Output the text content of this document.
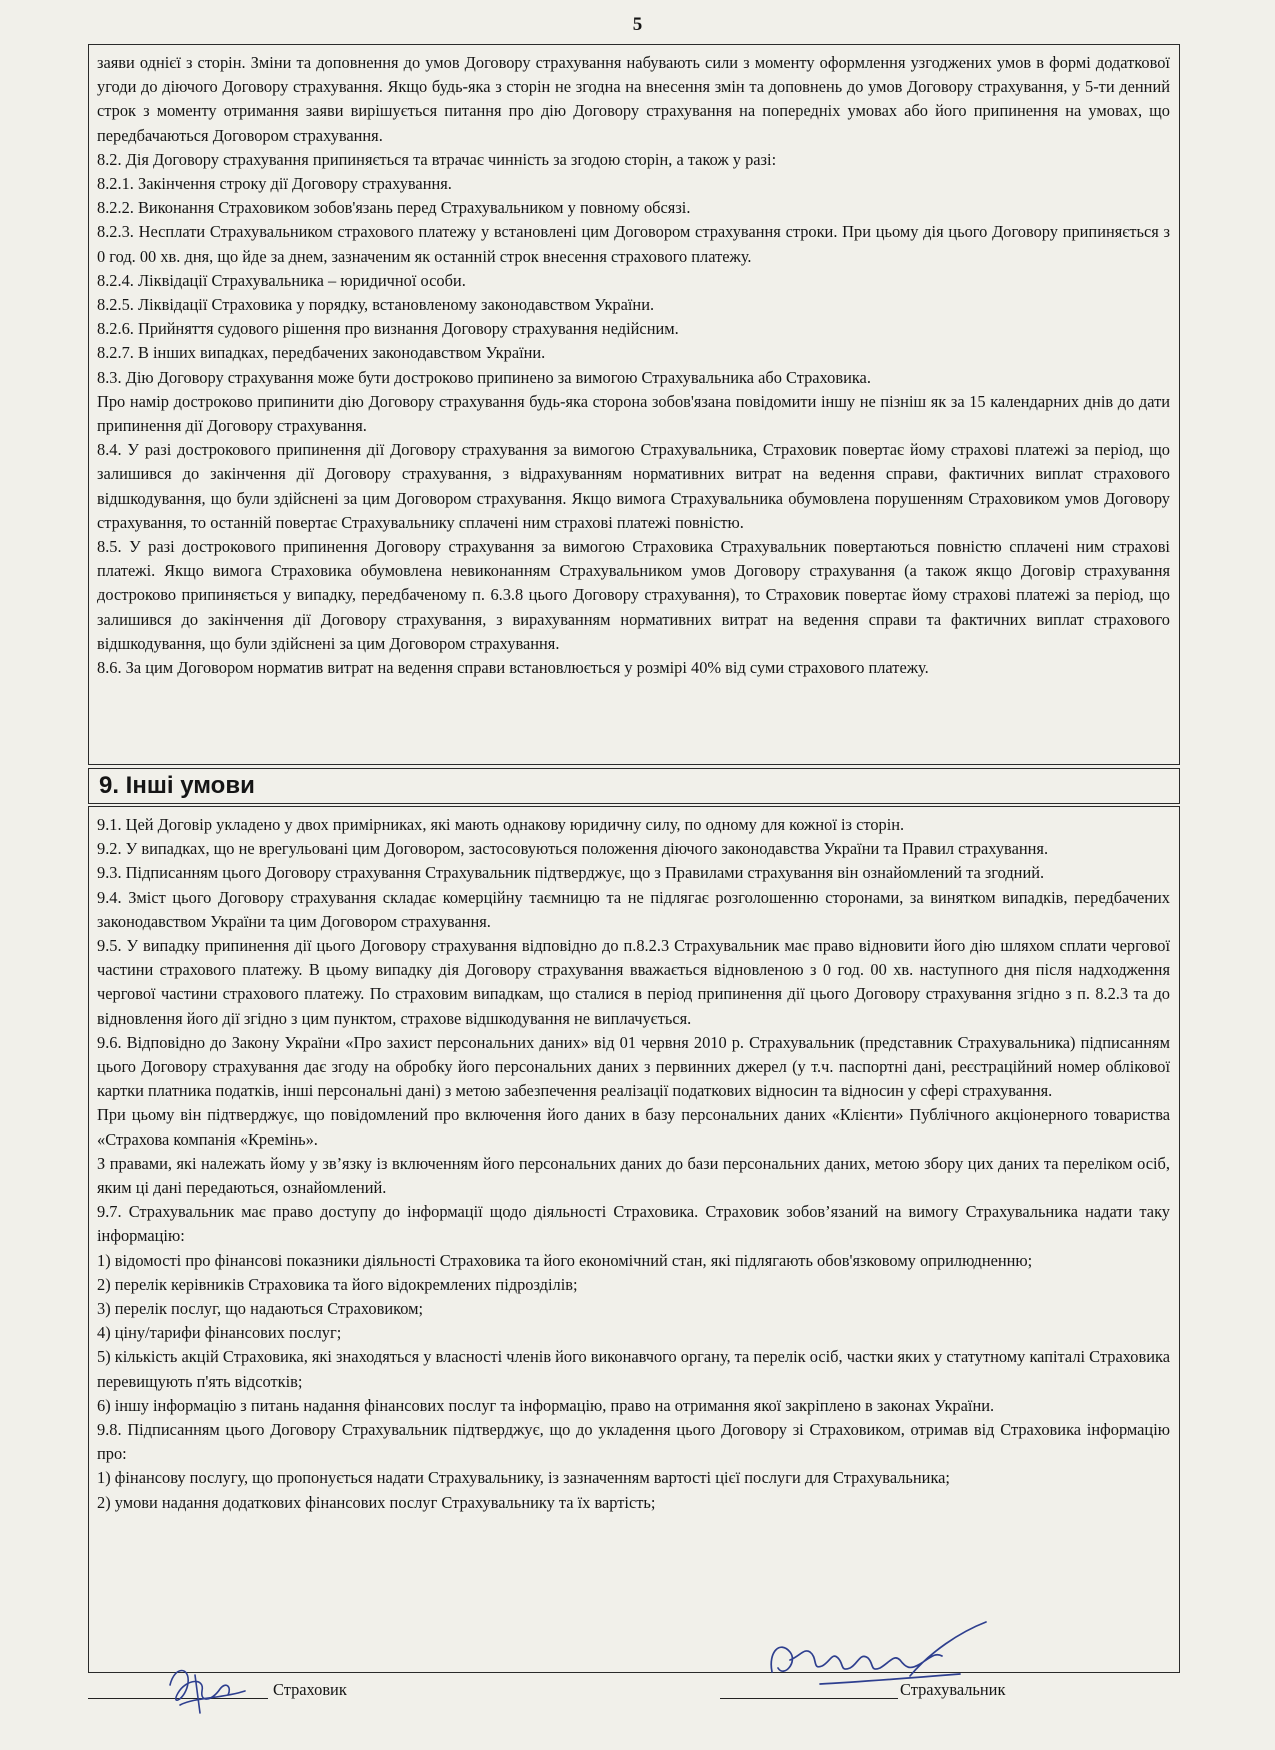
5

заяви однієї з сторін. Зміни та доповнення до умов Договору страхування набувають сили з моменту оформлення узгоджених умов в формі додаткової угоди до діючого Договору страхування. Якщо будь-яка з сторін не згодна на внесення змін та доповнень до умов Договору страхування, у 5-ти денний строк з моменту отримання заяви вирішується питання про дію Договору страхування на попередніх умовах або його припинення на умовах, що передбачаються Договором страхування.

8.2. Дія Договору страхування припиняється та втрачає чинність за згодою сторін, а також у разі:

8.2.1. Закінчення строку дії Договору страхування.

8.2.2. Виконання Страховиком зобов'язань перед Страхувальником у повному обсязі.

8.2.3. Несплати Страхувальником страхового платежу у встановлені цим Договором страхування строки. При цьому дія цього Договору припиняється з 0 год. 00 хв. дня, що йде за днем, зазначеним як останній строк внесення страхового платежу.

8.2.4. Ліквідації Страхувальника – юридичної особи.

8.2.5. Ліквідації Страховика у порядку, встановленому законодавством України.

8.2.6. Прийняття судового рішення про визнання Договору страхування недійсним.

8.2.7. В інших випадках, передбачених законодавством України.

8.3. Дію Договору страхування може бути достроково припинено за вимогою Страхувальника або Страховика.

Про намір достроково припинити дію Договору страхування будь-яка сторона зобов'язана повідомити іншу не пізніш як за 15 календарних днів до дати припинення дії Договору страхування.

8.4. У разі дострокового припинення дії Договору страхування за вимогою Страхувальника, Страховик повертає йому страхові платежі за період, що залишився до закінчення дії Договору страхування, з відрахуванням нормативних витрат на ведення справи, фактичних виплат страхового відшкодування, що були здійснені за цим Договором страхування. Якщо вимога Страхувальника обумовлена порушенням Страховиком умов Договору страхування, то останній повертає Страхувальнику сплачені ним страхові платежі повністю.

8.5. У разі дострокового припинення Договору страхування за вимогою Страховика Страхувальник повертаються повністю сплачені ним страхові платежі. Якщо вимога Страховика обумовлена невиконанням Страхувальником умов Договору страхування (а також якщо Договір страхування достроково припиняється у випадку, передбаченому п. 6.3.8 цього Договору страхування), то Страховик повертає йому страхові платежі за період, що залишився до закінчення дії Договору страхування, з вирахуванням нормативних витрат на ведення справи та фактичних виплат страхового відшкодування, що були здійснені за цим Договором страхування.

8.6. За цим Договором норматив витрат на ведення справи встановлюється у розмірі 40% від суми страхового платежу.

9. Інші умови

9.1. Цей Договір укладено у двох примірниках, які мають однакову юридичну силу, по одному для кожної із сторін.

9.2. У випадках, що не врегульовані цим Договором, застосовуються положення діючого законодавства України та Правил страхування.

9.3. Підписанням цього Договору страхування Страхувальник підтверджує, що з Правилами страхування він ознайомлений та згодний.

9.4. Зміст цього Договору страхування складає комерційну таємницю та не підлягає розголошенню сторонами, за винятком випадків, передбачених законодавством України та цим Договором страхування.

9.5. У випадку припинення дії цього Договору страхування відповідно до п.8.2.3 Страхувальник має право відновити його дію шляхом сплати чергової частини страхового платежу. В цьому випадку дія Договору страхування вважається відновленою з 0 год. 00 хв. наступного дня після надходження чергової частини страхового платежу. По страховим випадкам, що сталися в період припинення дії цього Договору страхування згідно з п. 8.2.3 та до відновлення його дії згідно з цим пунктом, страхове відшкодування не виплачується.

9.6. Відповідно до Закону України «Про захист персональних даних» від 01 червня 2010 р. Страхувальник (представник Страхувальника) підписанням цього Договору страхування дає згоду на обробку його персональних даних з первинних джерел (у т.ч. паспортні дані, реєстраційний номер облікової картки платника податків, інші персональні дані) з метою забезпечення реалізації податкових відносин та відносин у сфері страхування.

При цьому він підтверджує, що повідомлений про включення його даних в базу персональних даних «Клієнти» Публічного акціонерного товариства «Страхова компанія «Кремінь».

З правами, які належать йому у зв’язку із включенням його персональних даних до бази персональних даних, метою збору цих даних та переліком осіб, яким ці дані передаються, ознайомлений.

9.7. Страхувальник має право доступу до інформації щодо діяльності Страховика. Страховик зобов’язаний на вимогу Страхувальника надати таку інформацію:

1) відомості про фінансові показники діяльності Страховика та його економічний стан, які підлягають обов'язковому оприлюдненню;

2) перелік керівників Страховика та його відокремлених підрозділів;

3) перелік послуг, що надаються Страховиком;

4) ціну/тарифи фінансових послуг;

5) кількість акцій Страховика, які знаходяться у власності членів його виконавчого органу, та перелік осіб, частки яких у статутному капіталі Страховика перевищують п'ять відсотків;

6) іншу інформацію з питань надання фінансових послуг та інформацію, право на отримання якої закріплено в законах України.

9.8. Підписанням цього Договору Страхувальник підтверджує, що до укладення цього Договору зі Страховиком, отримав від Страховика інформацію про:

1) фінансову послугу, що пропонується надати Страхувальнику, із зазначенням вартості цієї послуги для Страхувальника;

2) умови надання додаткових фінансових послуг Страхувальнику та їх вартість;

Страховик	Страхувальник
